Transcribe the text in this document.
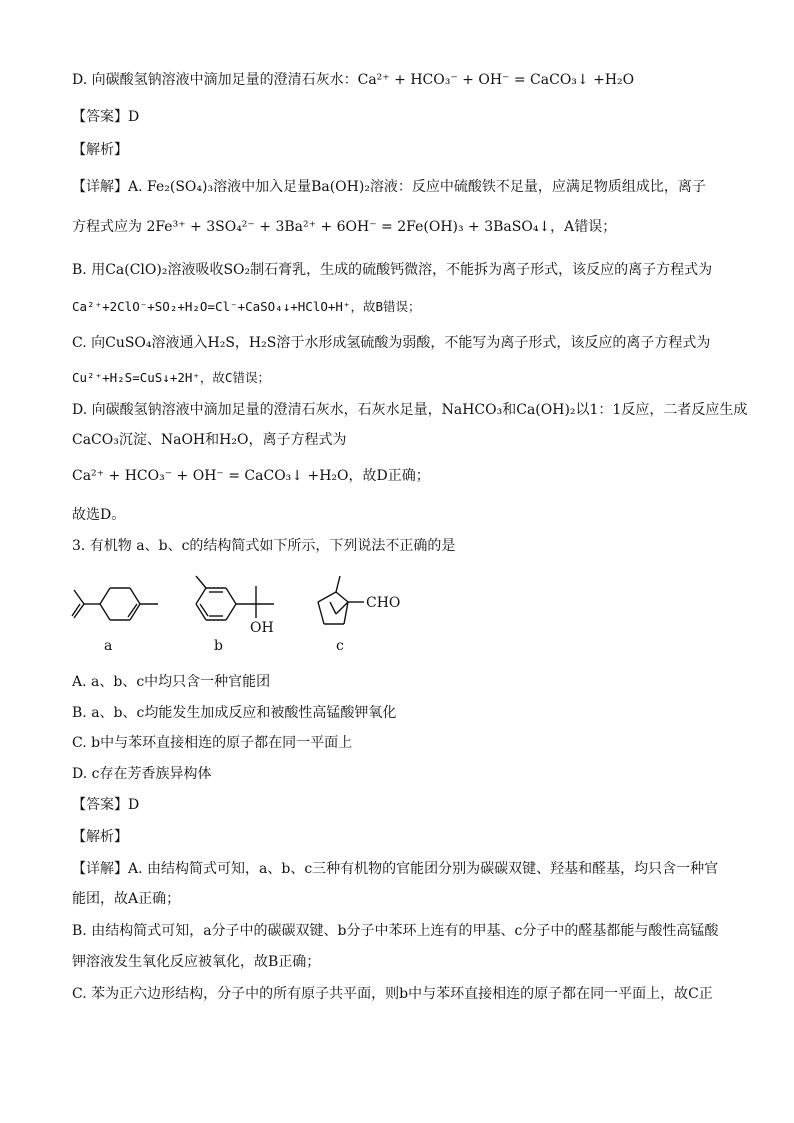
D. 向碳酸氢钠溶液中滴加足量的澄清石灰水：Ca²⁺ + HCO₃⁻ + OH⁻ = CaCO₃↓ +H₂O
【答案】D
【解析】
【详解】A. Fe₂(SO₄)₃溶液中加入足量Ba(OH)₂溶液：反应中硫酸铁不足量，应满足物质组成比，离子
方程式应为 2Fe³⁺ + 3SO₄²⁻ + 3Ba²⁺ + 6OH⁻ = 2Fe(OH)₃ + 3BaSO₄↓，A错误；
B. 用Ca(ClO)₂溶液吸收SO₂制石膏乳，生成的硫酸钙微溶，不能拆为离子形式，该反应的离子方程式为
Ca²⁺+2ClO⁻+SO₂+H₂O=Cl⁻+CaSO₄↓+HClO+H⁺，故B错误；
C. 向CuSO₄溶液通入H₂S，H₂S溶于水形成氢硫酸为弱酸，不能写为离子形式，该反应的离子方程式为
Cu²⁺+H₂S=CuS↓+2H⁺，故C错误；
D. 向碳酸氢钠溶液中滴加足量的澄清石灰水，石灰水足量，NaHCO₃和Ca(OH)₂以1：1反应，二者反应生成
CaCO₃沉淀、NaOH和H₂O，离子方程式为
Ca²⁺ + HCO₃⁻ + OH⁻ = CaCO₃↓ +H₂O，故D正确；
故选D。
3. 有机物 a、b、c的结构简式如下所示，下列说法不正确的是
OH
CHO
a	b	c
A. a、b、c中均只含一种官能团
B. a、b、c均能发生加成反应和被酸性高锰酸钾氧化
C. b中与苯环直接相连的原子都在同一平面上
D. c存在芳香族异构体
【答案】D
【解析】
【详解】A. 由结构简式可知，a、b、c三种有机物的官能团分别为碳碳双键、羟基和醛基，均只含一种官
能团，故A正确；
B. 由结构简式可知，a分子中的碳碳双键、b分子中苯环上连有的甲基、c分子中的醛基都能与酸性高锰酸
钾溶液发生氧化反应被氧化，故B正确；
C. 苯为正六边形结构，分子中的所有原子共平面，则b中与苯环直接相连的原子都在同一平面上，故C正
